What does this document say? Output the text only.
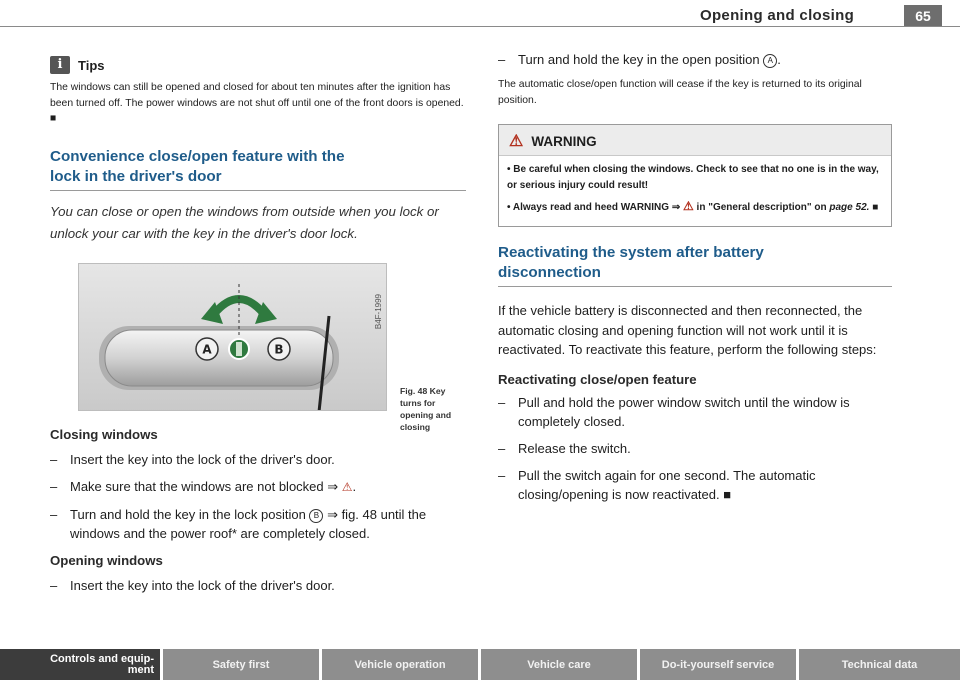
Opening and closing	65
i	Tips

The windows can still be opened and closed for about ten minutes after the ignition has been turned off. The power windows are not shut off until one of the front doors is opened. ■

Convenience close/open feature with the

lock in the driver's door

You can close or open the windows from outside when you lock or unlock your car with the key in the driver's door lock.

A	B
B4F-1999
Fig. 48 Key turns for
opening and closing

Closing windows

– Insert the key into the lock of the driver's door.
– Make sure that the windows are not blocked ⇒ ⚠.
– Turn and hold the key in the lock position B ⇒ fig. 48 until the windows and the power roof* are completely closed.

Opening windows

– Insert the key into the lock of the driver's door.
– Turn and hold the key in the open position A .

The automatic close/open function will cease if the key is returned to its original position.

⚠ WARNING

• Be careful when closing the windows. Check to see that no one is in the way, or serious injury could result!

• Always read and heed WARNING ⇒ ⚠ in "General description" on page 52. ■

Reactivating the system after battery

disconnection

If the vehicle battery is disconnected and then reconnected, the automatic closing and opening function will not work until it is reactivated. To reactivate this feature, perform the following steps:

Reactivating close/open feature

– Pull and hold the power window switch until the window is completely closed.
– Release the switch.
– Pull the switch again for one second. The automatic closing/opening is now reactivated. ■
Controls and equip-
ment	Safety first	Vehicle operation	Vehicle care	Do-it-yourself service	Technical data
